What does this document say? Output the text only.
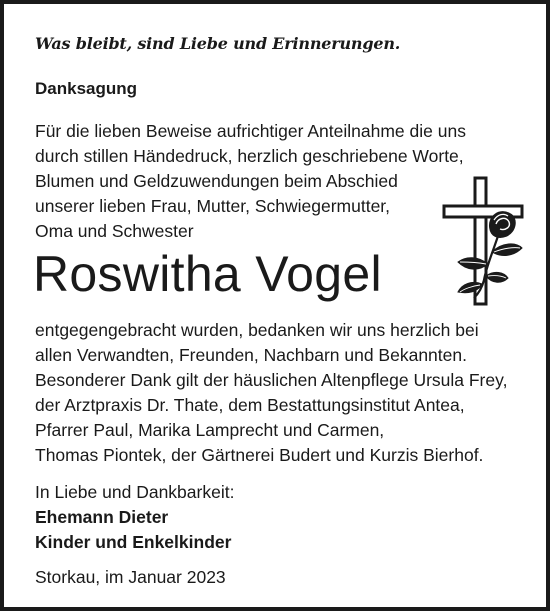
Was bleibt, sind Liebe und Erinnerungen.
Danksagung
Für die lieben Beweise aufrichtiger Anteilnahme die uns
durch stillen Händedruck, herzlich geschriebene Worte,
Blumen und Geldzuwendungen beim Abschied
unserer lieben Frau, Mutter, Schwiegermutter,
Oma und Schwester
Roswitha Vogel
entgegengebracht wurden, bedanken wir uns herzlich bei
allen Verwandten, Freunden, Nachbarn und Bekannten.
Besonderer Dank gilt der häuslichen Altenpflege Ursula Frey,
der Arztpraxis Dr. Thate, dem Bestattungsinstitut Antea,
Pfarrer Paul, Marika Lamprecht und Carmen,
Thomas Piontek, der Gärtnerei Budert und Kurzis Bierhof.
In Liebe und Dankbarkeit:
Ehemann Dieter
Kinder und Enkelkinder
Storkau, im Januar 2023
